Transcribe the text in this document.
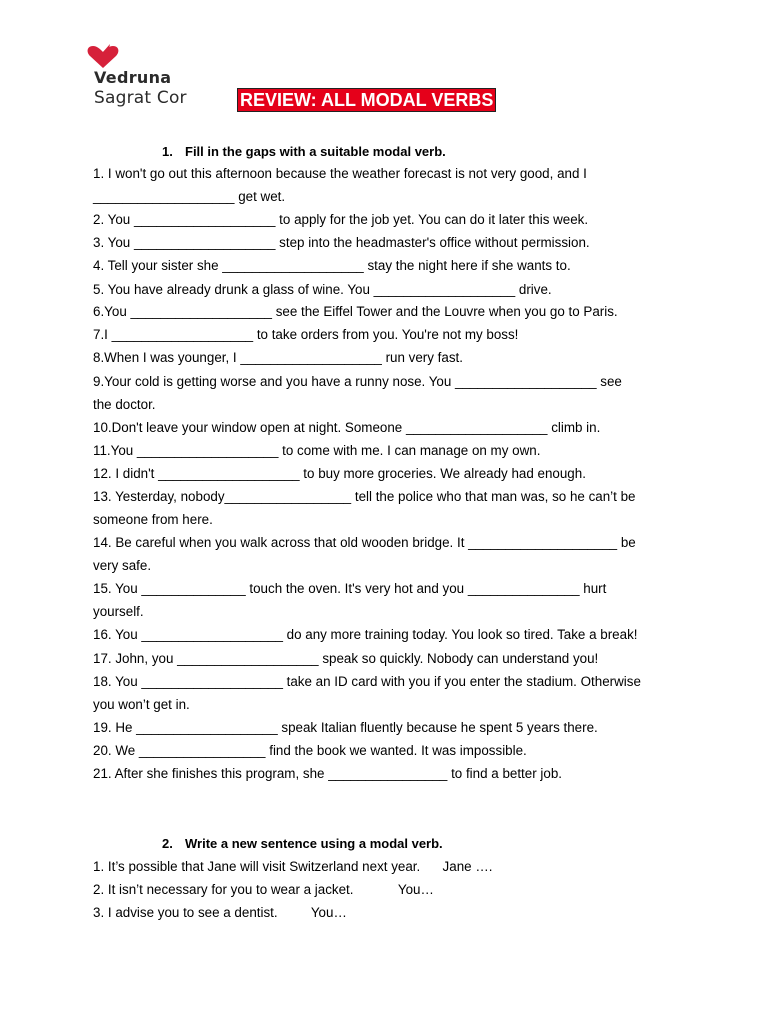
Vedruna
Sagrat Cor	REVIEW: ALL MODAL VERBS
1. Fill in the gaps with a suitable modal verb.
1. I won't go out this afternoon because the weather forecast is not very good, and I
___________________ get wet.
2. You ___________________ to apply for the job yet. You can do it later this week.
3. You ___________________ step into the headmaster's office without permission.
4. Tell your sister she ___________________ stay the night here if she wants to.
5. You have already drunk a glass of wine. You ___________________ drive.
6.You ___________________ see the Eiffel Tower and the Louvre when you go to Paris.
7.I ___________________ to take orders from you. You're not my boss!
8.When I was younger, I ___________________ run very fast.
9.Your cold is getting worse and you have a runny nose. You ___________________ see
the doctor.
10.Don't leave your window open at night. Someone ___________________ climb in.
11.You ___________________ to come with me. I can manage on my own.
12. I didn't ___________________ to buy more groceries. We already had enough.
13. Yesterday, nobody_________________ tell the police who that man was, so he can’t be
someone from here.
14. Be careful when you walk across that old wooden bridge. It ____________________ be
very safe.
15. You ______________ touch the oven. It's very hot and you _______________ hurt
yourself.
16. You ___________________ do any more training today. You look so tired. Take a break!
17. John, you ___________________ speak so quickly. Nobody can understand you!
18. You ___________________ take an ID card with you if you enter the stadium. Otherwise
you won’t get in.
19. He ___________________ speak Italian fluently because he spent 5 years there.
20. We _________________ find the book we wanted. It was impossible.
21. After she finishes this program, she ________________ to find a better job.
2. Write a new sentence using a modal verb.
1. It’s possible that Jane will visit Switzerland next year.      Jane ….
2. It isn’t necessary for you to wear a jacket.            You…
3. I advise you to see a dentist.         You…
